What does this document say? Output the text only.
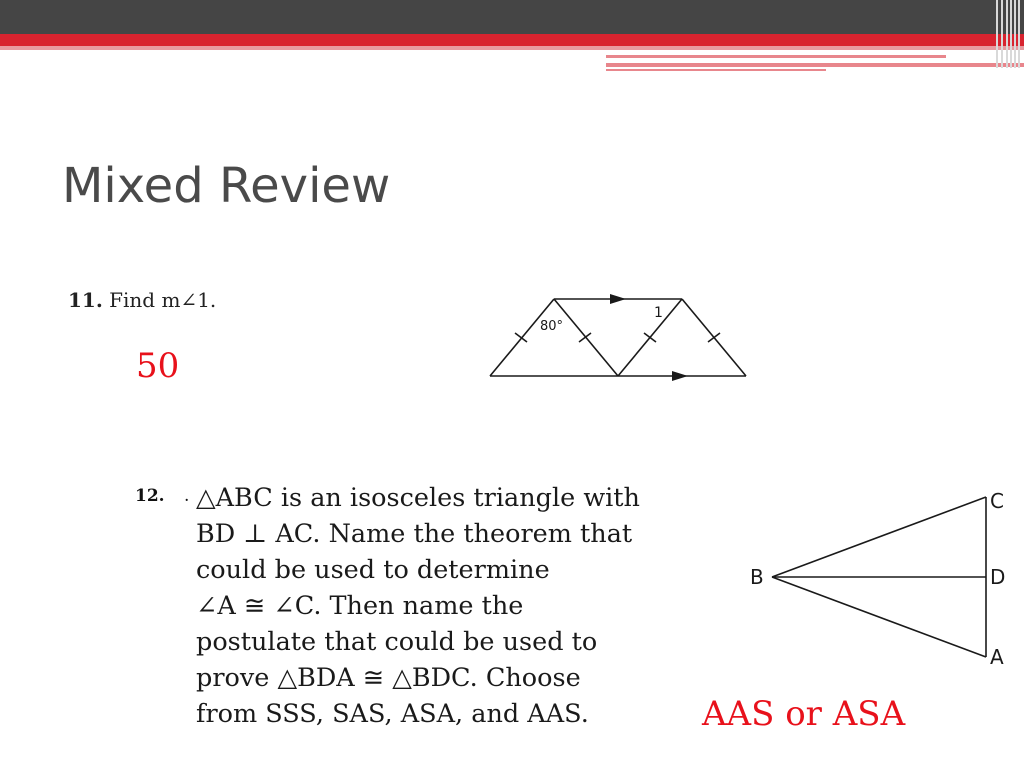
Mixed Review
11. Find m∠1.
50
80°
1
12. . △ABC is an isosceles triangle with
BD ⊥ AC. Name the theorem that
could be used to determine
∠A ≅ ∠C. Then name the
postulate that could be used to
prove △BDA ≅ △BDC. Choose
from SSS, SAS, ASA, and AAS.
C
B	D
A
AAS or ASA
